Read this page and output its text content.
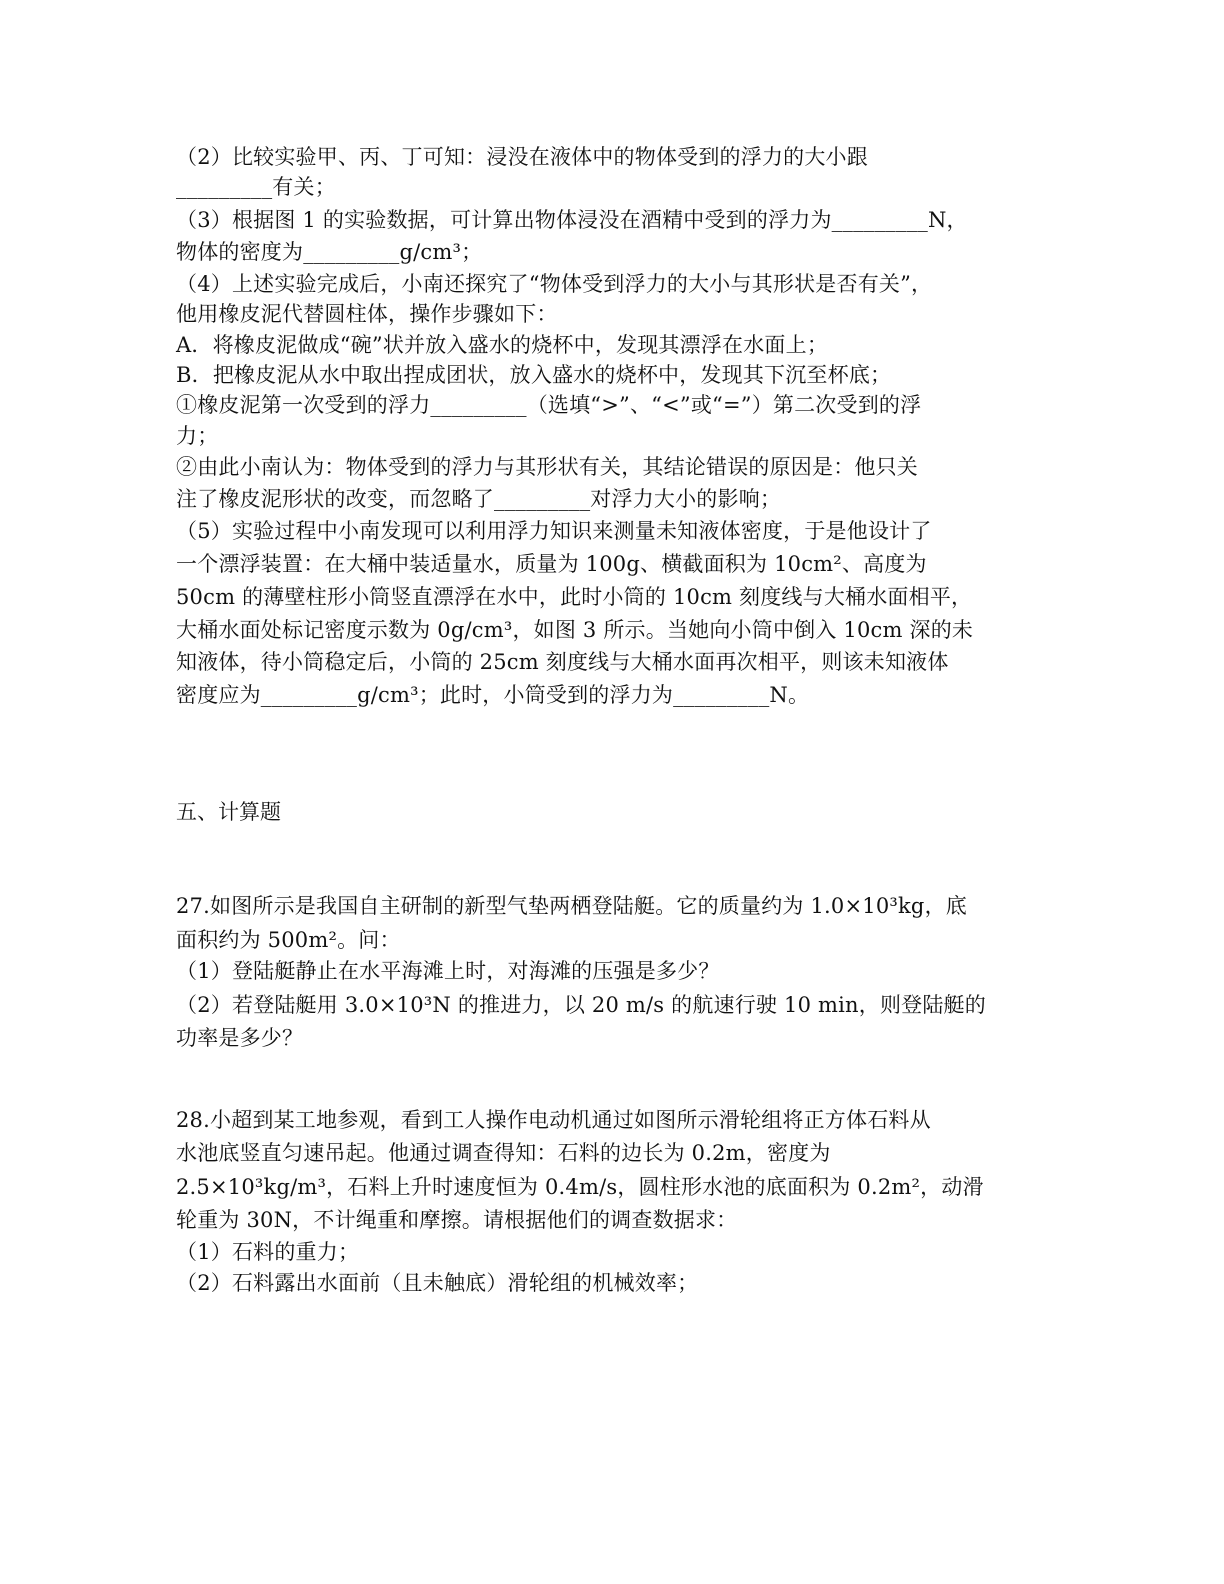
（2）比较实验甲、丙、丁可知：浸没在液体中的物体受到的浮力的大小跟
_________有关；
（3）根据图 1 的实验数据，可计算出物体浸没在酒精中受到的浮力为_________N，
物体的密度为_________g/cm³；
（4）上述实验完成后，小南还探究了“物体受到浮力的大小与其形状是否有关”，
他用橡皮泥代替圆柱体，操作步骤如下：
A．将橡皮泥做成“碗”状并放入盛水的烧杯中，发现其漂浮在水面上；
B．把橡皮泥从水中取出捏成团状，放入盛水的烧杯中，发现其下沉至杯底；
①橡皮泥第一次受到的浮力_________（选填“>”、“<”或“=”）第二次受到的浮
力；
②由此小南认为：物体受到的浮力与其形状有关，其结论错误的原因是：他只关
注了橡皮泥形状的改变，而忽略了_________对浮力大小的影响；
（5）实验过程中小南发现可以利用浮力知识来测量未知液体密度，于是他设计了
一个漂浮装置：在大桶中装适量水，质量为 100g、横截面积为 10cm²、高度为
50cm 的薄壁柱形小筒竖直漂浮在水中，此时小筒的 10cm 刻度线与大桶水面相平，
大桶水面处标记密度示数为 0g/cm³，如图 3 所示。当她向小筒中倒入 10cm 深的未
知液体，待小筒稳定后，小筒的 25cm 刻度线与大桶水面再次相平，则该未知液体
密度应为_________g/cm³；此时，小筒受到的浮力为_________N。
五、计算题
27.如图所示是我国自主研制的新型气垫两栖登陆艇。它的质量约为 1.0×10³kg，底
面积约为 500m²。问：
（1）登陆艇静止在水平海滩上时，对海滩的压强是多少？
（2）若登陆艇用 3.0×10³N 的推进力，以 20 m/s 的航速行驶 10 min，则登陆艇的
功率是多少？
28.小超到某工地参观，看到工人操作电动机通过如图所示滑轮组将正方体石料从
水池底竖直匀速吊起。他通过调查得知：石料的边长为 0.2m，密度为
2.5×10³kg/m³，石料上升时速度恒为 0.4m/s，圆柱形水池的底面积为 0.2m²，动滑
轮重为 30N，不计绳重和摩擦。请根据他们的调查数据求：
（1）石料的重力；
（2）石料露出水面前（且未触底）滑轮组的机械效率；
